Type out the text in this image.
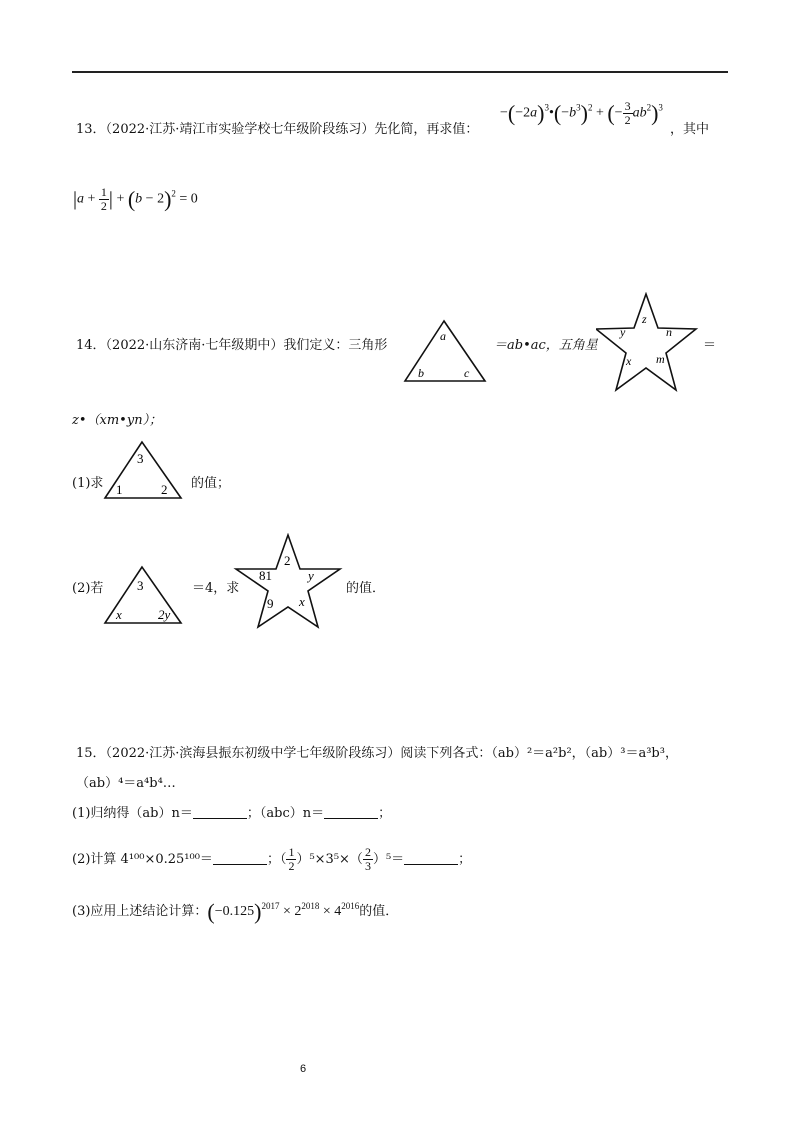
13．（2022·江苏·靖江市实验学校七年级阶段练习）先化简，再求值：
$-(-2a)^3•(-b^3)^2$ + (− $\frac{3}{2} ab^2)^3$
，其中
$|a + \frac{1}{2}$ | + $(b - 2)^2 = 0$
14．（2022·山东济南·七年级期中）我们定义：三角形
a
b	c
＝ab•ac，五角星
z
y	n
x m
＝
z•（xm•yn）；
(1)求
3
1	2 的值；
(2)若	3
x	2y
＝4，求
2
81	y
9 x
的值．
15．（2022·江苏·滨海县振东初级中学七年级阶段练习）阅读下列各式：（ab）²＝a²b²，（ab）³＝a³b³，
（ab）⁴＝a⁴b⁴…
(1)归纳得（ab）n＝	；（abc）n＝	；
(2)计算 4¹⁰⁰×0.25¹⁰⁰＝	；（ $\frac{1}{2} )^5\times 3^5\times( \frac{2}{3} )^5=$	；
(3)应用上述结论计算：$(-0.125)^{2017} \times 2^{2018} \times 4^{2016}$的值．
6
